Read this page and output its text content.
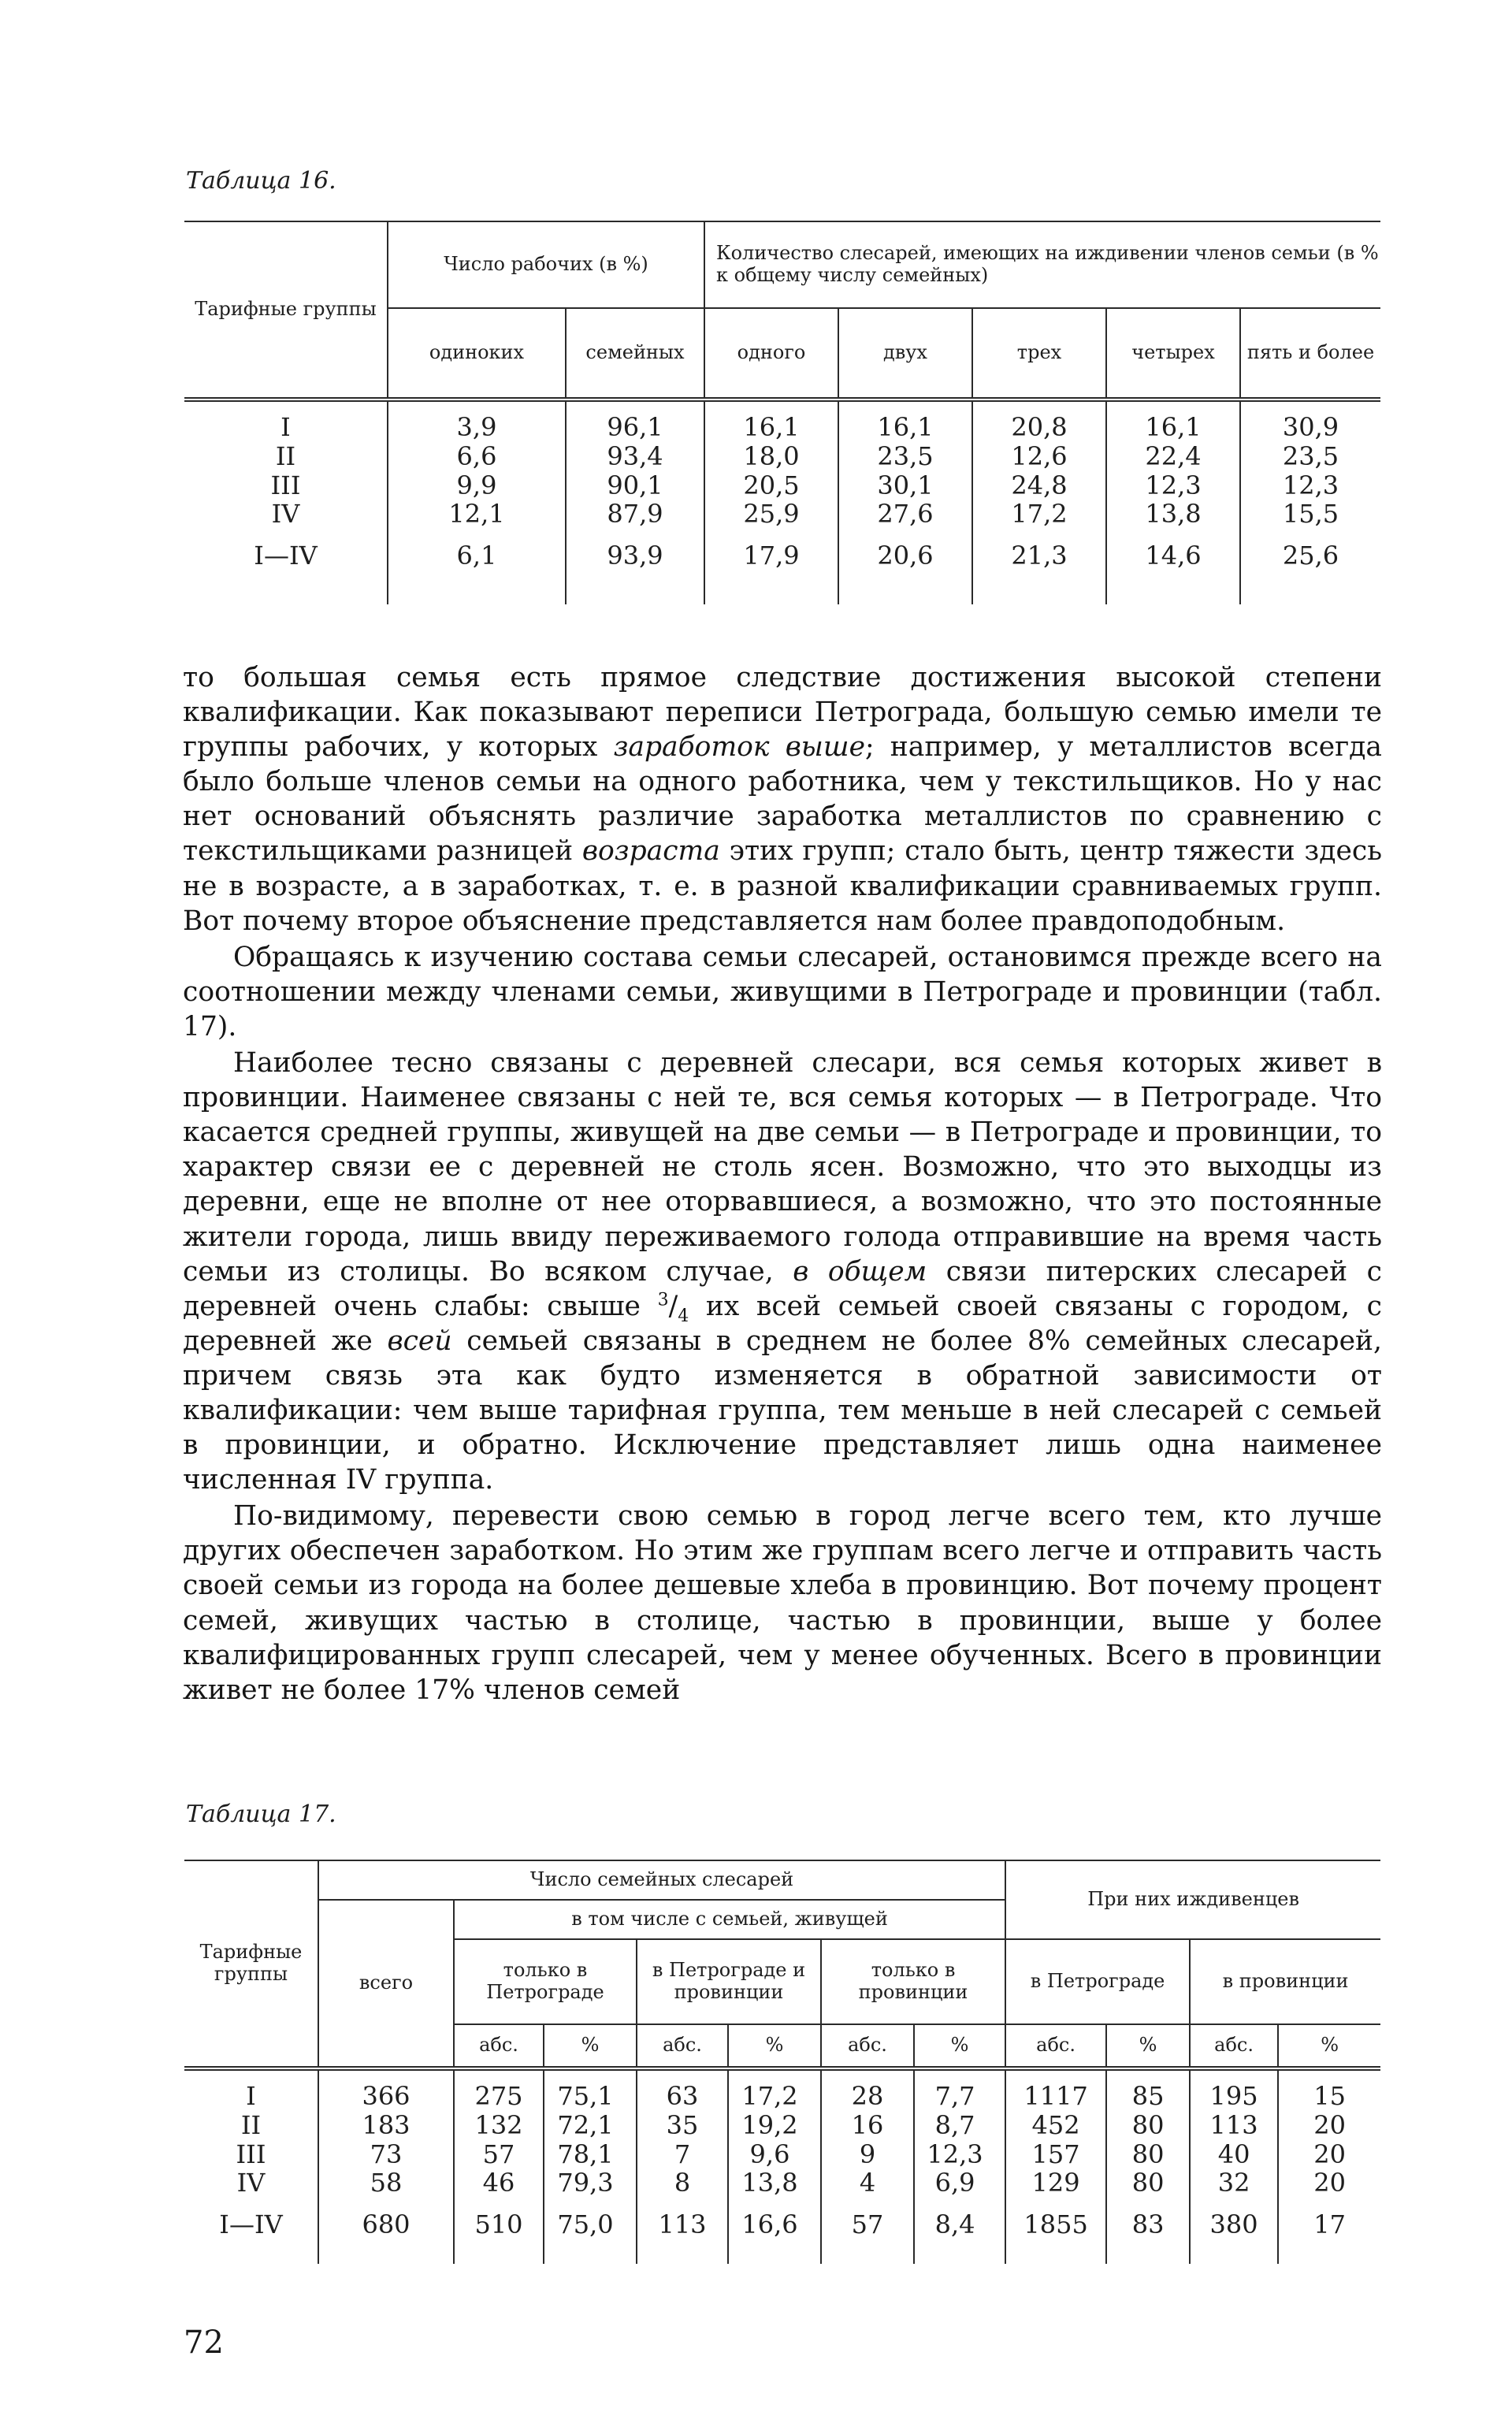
Таблица 16.
Тарифные группы	Число рабочих (в %)		Количество слесарей, имеющих на иждивении членов семьи (в % к общему числу семейных)				
	одиноких	семейных	одного	двух	трех	четырех	пять и более
I	3,9	96,1	16,1	16,1	20,8	16,1	30,9
II	6,6	93,4	18,0	23,5	12,6	22,4	23,5
III	9,9	90,1	20,5	30,1	24,8	12,3	12,3
IV	12,1	87,9	25,9	27,6	17,2	13,8	15,5
I—IV	6,1	93,9	17,9	20,6	21,3	14,6	25,6

то большая семья есть прямое следствие достижения высокой степени квалификации. Как показывают переписи Петрограда, большую семью имели те группы рабочих, у которых заработок выше; например, у металлистов всегда было больше членов семьи на одного работника, чем у текстильщиков. Но у нас нет оснований объяснять различие заработка металлистов по сравнению с текстильщиками разницей возраста этих групп; стало быть, центр тяжести здесь не в возрасте, а в заработках, т. е. в разной квалификации сравниваемых групп. Вот почему второе объяснение представляется нам более правдоподобным.

Обращаясь к изучению состава семьи слесарей, остановимся прежде всего на соотношении между членами семьи, живущими в Петрограде и провинции (табл. 17).

Наиболее тесно связаны с деревней слесари, вся семья которых живет в провинции. Наименее связаны с ней те, вся семья которых — в Петрограде. Что касается средней группы, живущей на две семьи — в Петрограде и провинции, то характер связи ее с деревней не столь ясен. Возможно, что это выходцы из деревни, еще не вполне от нее оторвавшиеся, а возможно, что это постоянные жители города, лишь ввиду переживаемого голода отправившие на время часть семьи из столицы. Во всяком случае, в общем связи питерских слесарей с деревней очень слабы: свыше $^3/_4$ их всей семьей своей связаны с городом, с деревней же всей семьей связаны в среднем не более 8% семейных слесарей, причем связь эта как будто изменяется в обратной зависимости от квалификации: чем выше тарифная группа, тем меньше в ней слесарей с семьей в провинции, и обратно. Исключение представляет лишь одна наименее численная IV группа.

По-видимому, перевести свою семью в город легче всего тем, кто лучше других обеспечен заработком. Но этим же группам всего легче и отправить часть своей семьи из города на более дешевые хлеба в провинцию. Вот почему процент семей, живущих частью в столице, частью в провинции, выше у более квалифицированных групп слесарей, чем у менее обученных. Всего в провинции живет не более 17% членов семей

Таблица 17.
Тарифные группы	Число семейных слесарей							При них иждивенцев			
	всего	в том числе с семьей, живущей									
		только в Петрограде		в Петрограде и провинции		только в провинции		в Петрограде		в провинции	
		абс.	%	абс.	%	абс.	%	абс.	%	абс.	%
I	366	275	75,1	63	17,2	28	7,7	1117	85	195	15
II	183	132	72,1	35	19,2	16	8,7	452	80	113	20
III	73	57	78,1	7	9,6	9	12,3	157	80	40	20
IV	58	46	79,3	8	13,8	4	6,9	129	80	32	20
I—IV	680	510	75,0	113	16,6	57	8,4	1855	83	380	17
72
